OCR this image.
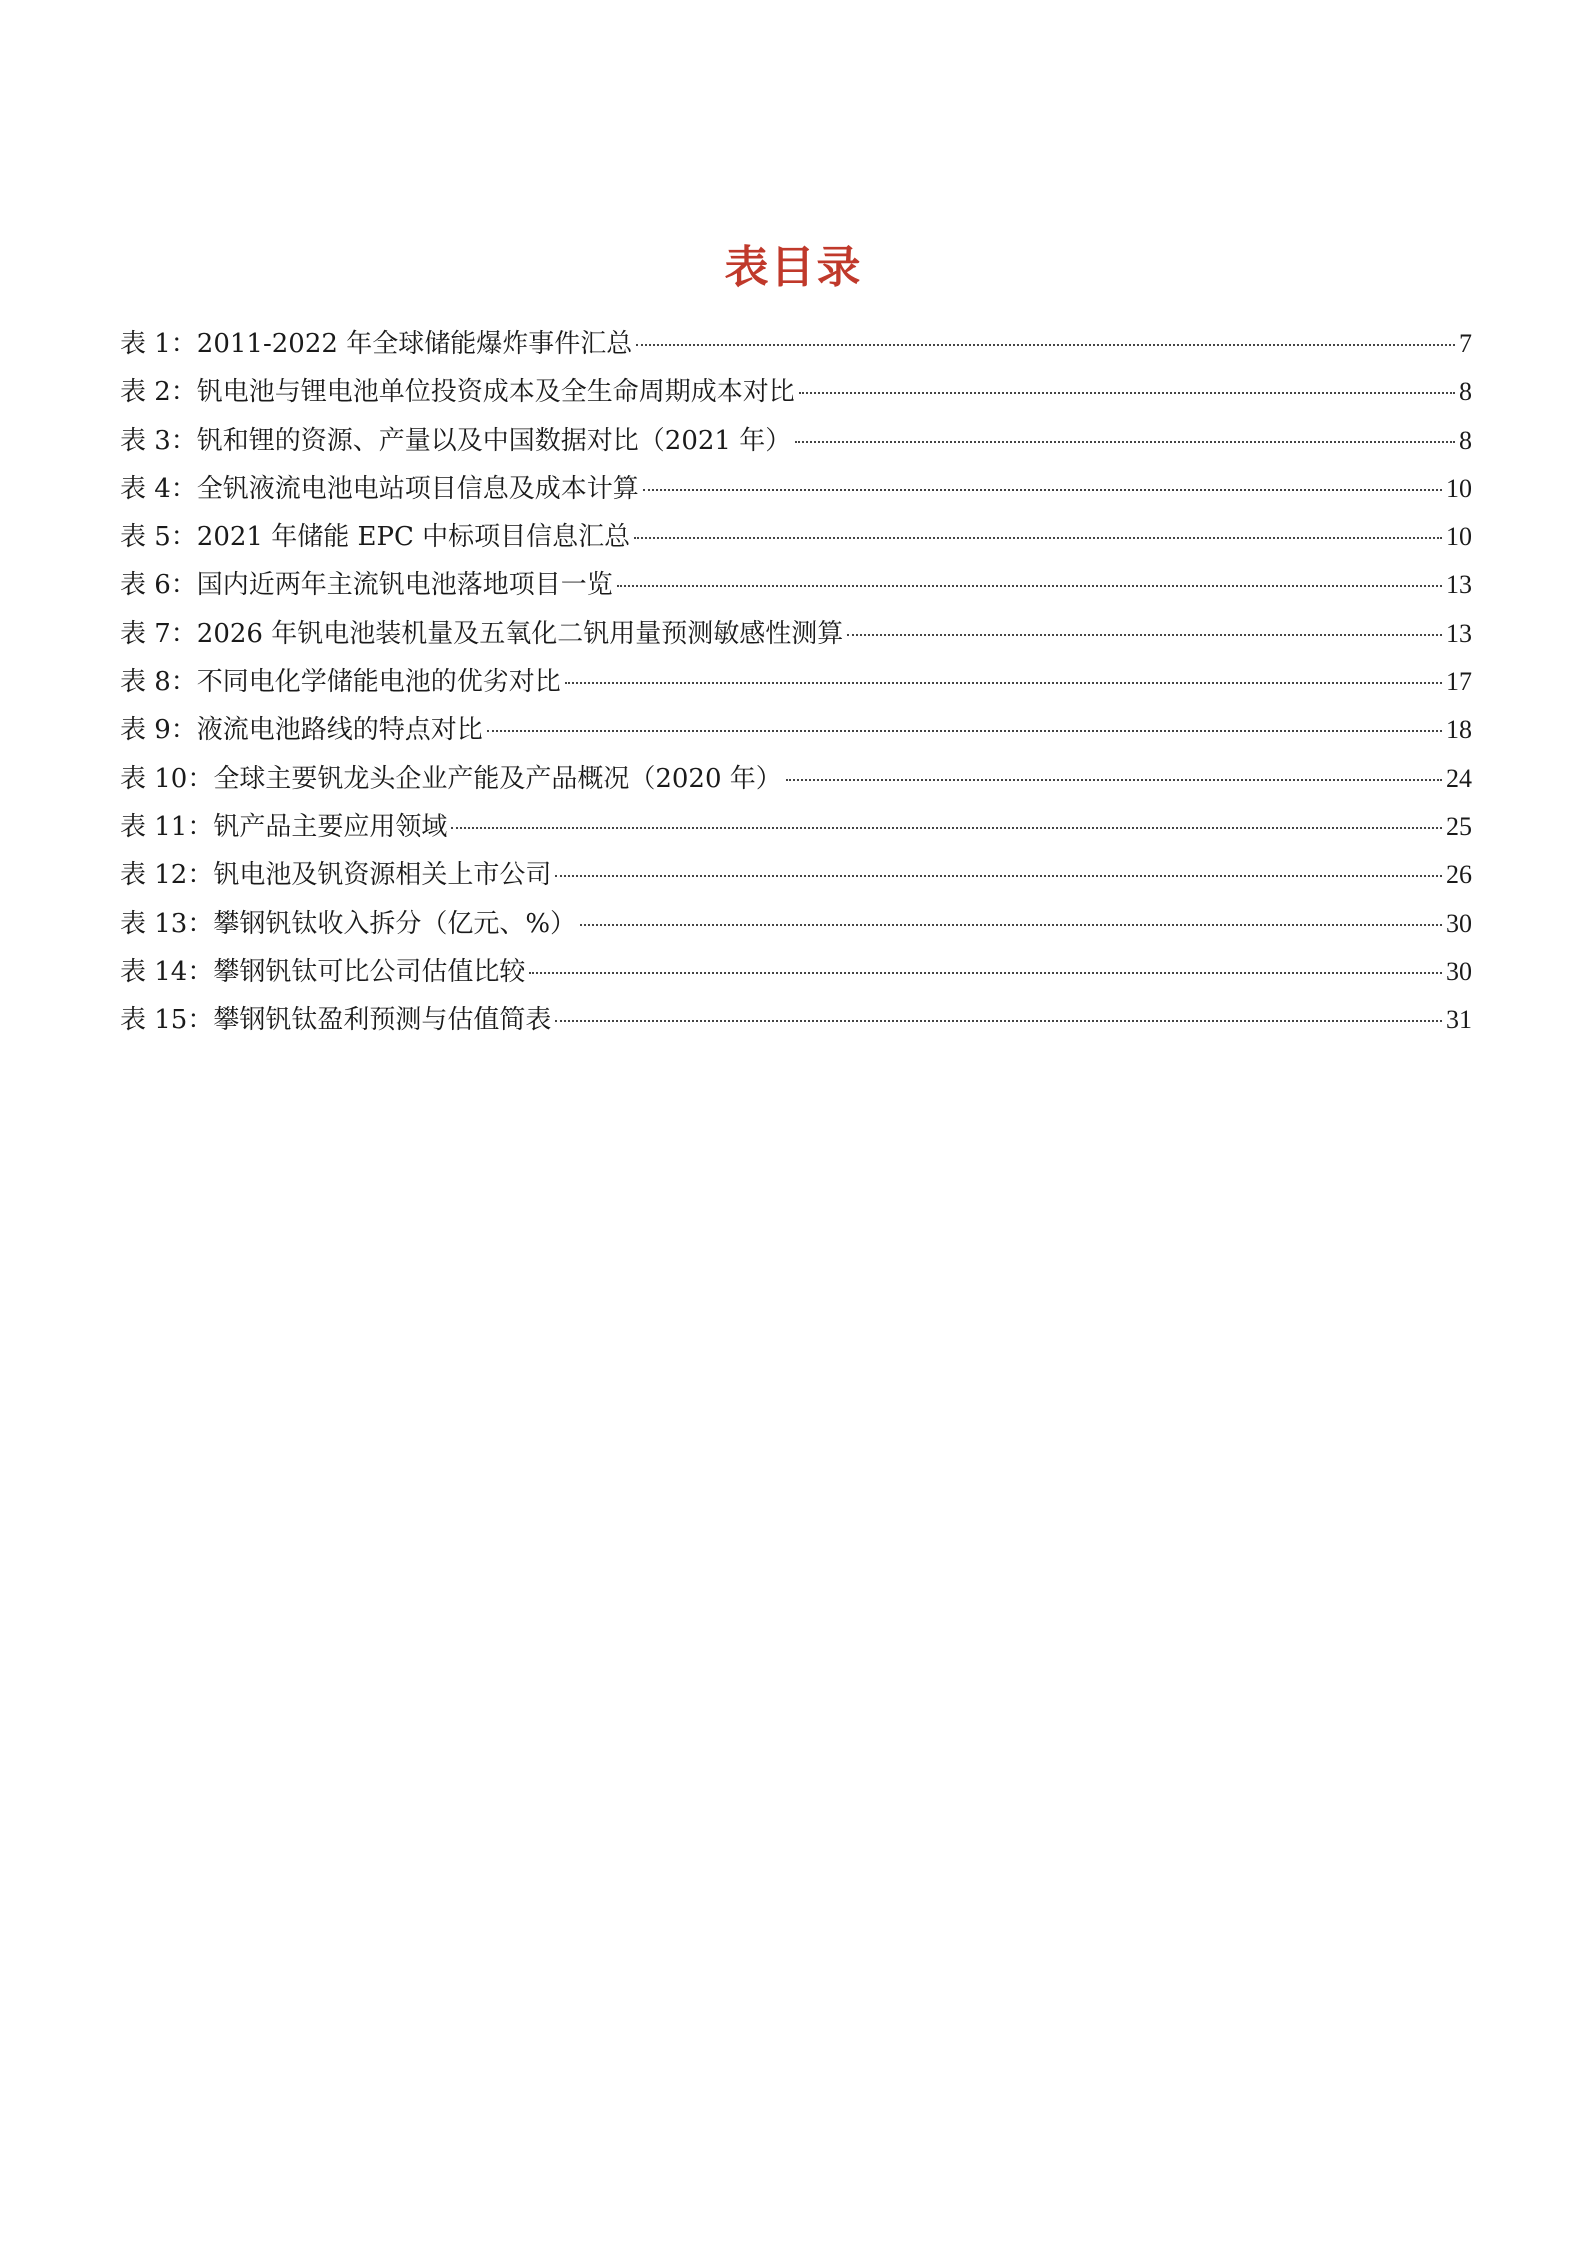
表目录
表 1：2011-2022 年全球储能爆炸事件汇总	7
表 2：钒电池与锂电池单位投资成本及全生命周期成本对比	8
表 3：钒和锂的资源、产量以及中国数据对比（2021 年）	8
表 4：全钒液流电池电站项目信息及成本计算	10
表 5：2021 年储能 EPC 中标项目信息汇总	10
表 6：国内近两年主流钒电池落地项目一览	13
表 7：2026 年钒电池装机量及五氧化二钒用量预测敏感性测算	13
表 8：不同电化学储能电池的优劣对比	17
表 9：液流电池路线的特点对比	18
表 10：全球主要钒龙头企业产能及产品概况（2020 年）	24
表 11：钒产品主要应用领域	25
表 12：钒电池及钒资源相关上市公司	26
表 13：攀钢钒钛收入拆分（亿元、%）	30
表 14：攀钢钒钛可比公司估值比较	30
表 15：攀钢钒钛盈利预测与估值简表	31
